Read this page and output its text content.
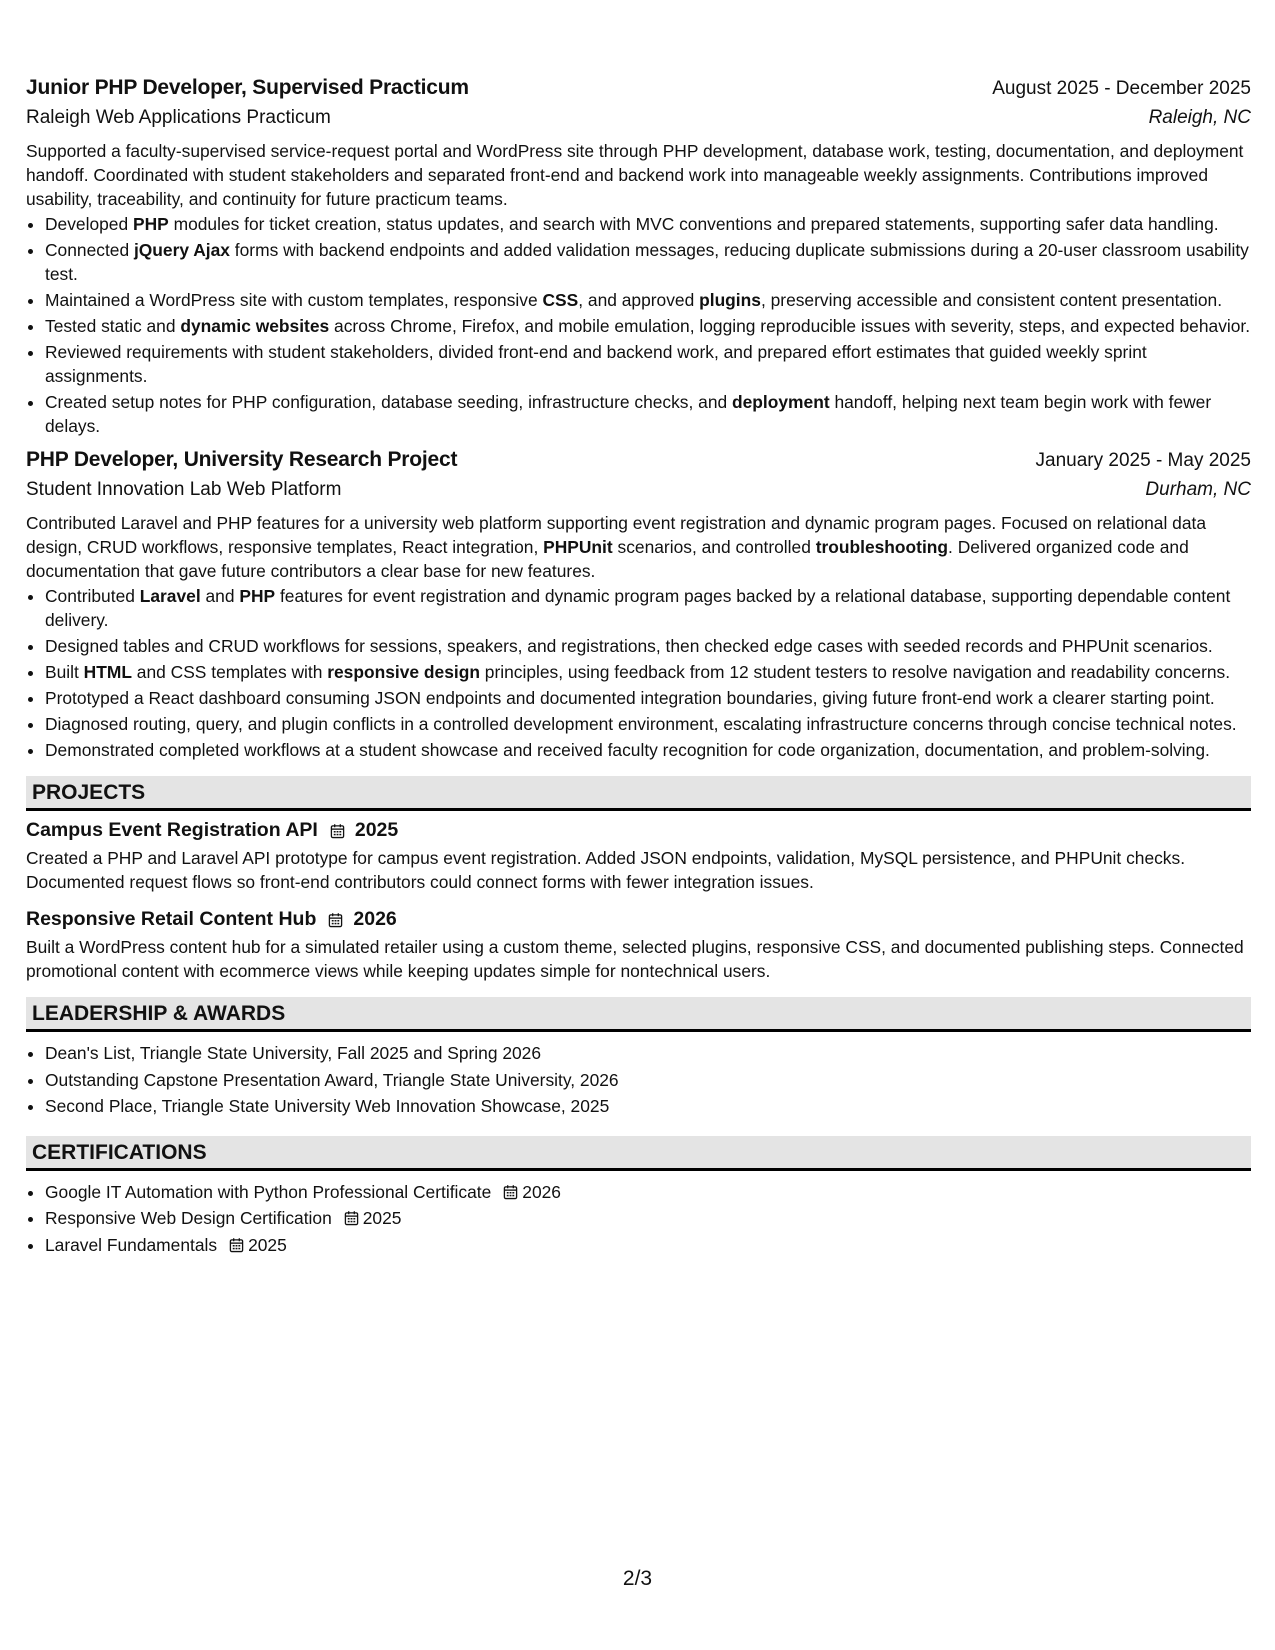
Junior PHP Developer, Supervised Practicum	August 2025 - December 2025
Raleigh Web Applications Practicum	Raleigh, NC
Supported a faculty-supervised service-request portal and WordPress site through PHP development, database work, testing, documentation, and deployment handoff. Coordinated with student stakeholders and separated front-end and backend work into manageable weekly assignments. Contributions improved usability, traceability, and continuity for future practicum teams.
• Developed PHP modules for ticket creation, status updates, and search with MVC conventions and prepared statements, supporting safer data handling.
• Connected jQuery Ajax forms with backend endpoints and added validation messages, reducing duplicate submissions during a 20-user classroom usability test.
• Maintained a WordPress site with custom templates, responsive CSS, and approved plugins, preserving accessible and consistent content presentation.
• Tested static and dynamic websites across Chrome, Firefox, and mobile emulation, logging reproducible issues with severity, steps, and expected behavior.
• Reviewed requirements with student stakeholders, divided front-end and backend work, and prepared effort estimates that guided weekly sprint assignments.
• Created setup notes for PHP configuration, database seeding, infrastructure checks, and deployment handoff, helping next team begin work with fewer delays.
PHP Developer, University Research Project	January 2025 - May 2025
Student Innovation Lab Web Platform	Durham, NC
Contributed Laravel and PHP features for a university web platform supporting event registration and dynamic program pages. Focused on relational data design, CRUD workflows, responsive templates, React integration, PHPUnit scenarios, and controlled troubleshooting. Delivered organized code and documentation that gave future contributors a clear base for new features.
• Contributed Laravel and PHP features for event registration and dynamic program pages backed by a relational database, supporting dependable content delivery.
• Designed tables and CRUD workflows for sessions, speakers, and registrations, then checked edge cases with seeded records and PHPUnit scenarios.
• Built HTML and CSS templates with responsive design principles, using feedback from 12 student testers to resolve navigation and readability concerns.
• Prototyped a React dashboard consuming JSON endpoints and documented integration boundaries, giving future front-end work a clearer starting point.
• Diagnosed routing, query, and plugin conflicts in a controlled development environment, escalating infrastructure concerns through concise technical notes.
• Demonstrated completed workflows at a student showcase and received faculty recognition for code organization, documentation, and problem-solving.
PROJECTS
Campus Event Registration API 2025
Created a PHP and Laravel API prototype for campus event registration. Added JSON endpoints, validation, MySQL persistence, and PHPUnit checks. Documented request flows so front-end contributors could connect forms with fewer integration issues.
Responsive Retail Content Hub 2026
Built a WordPress content hub for a simulated retailer using a custom theme, selected plugins, responsive CSS, and documented publishing steps. Connected promotional content with ecommerce views while keeping updates simple for nontechnical users.
LEADERSHIP & AWARDS
• Dean's List, Triangle State University, Fall 2025 and Spring 2026
• Outstanding Capstone Presentation Award, Triangle State University, 2026
• Second Place, Triangle State University Web Innovation Showcase, 2025
CERTIFICATIONS
• Google IT Automation with Python Professional Certificate 2026
• Responsive Web Design Certification 2025
• Laravel Fundamentals 2025
2/3
